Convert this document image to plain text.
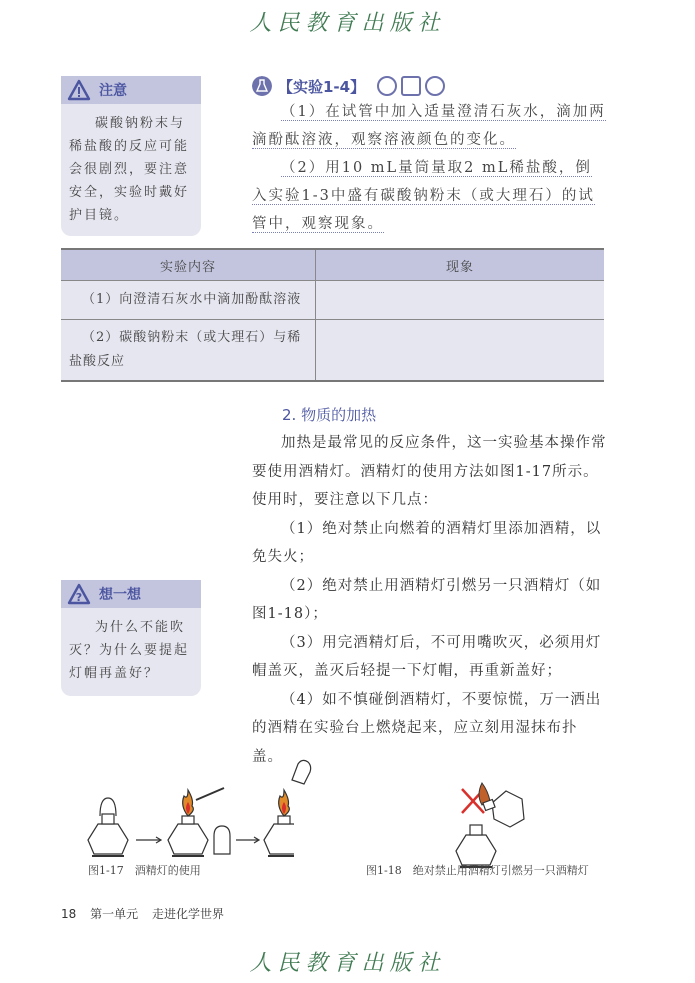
人民教育出版社
注意
碳酸钠粉末与稀盐酸的反应可能会很剧烈，要注意安全，实验时戴好护目镜。
【实验1-4】

（1）在试管中加入适量澄清石灰水，滴加两滴酚酞溶液，观察溶液颜色的变化。

（2）用10 mL量筒量取2 mL稀盐酸，倒入实验1-3中盛有碳酸钠粉末（或大理石）的试管中，观察现象。

实验内容	现象
（1）向澄清石灰水中滴加酚酞溶液	
（2）碳酸钠粉末（或大理石）与稀盐酸反应	
2. 物质的加热

加热是最常见的反应条件，这一实验基本操作常要使用酒精灯。酒精灯的使用方法如图1-17所示。使用时，要注意以下几点：

（1）绝对禁止向燃着的酒精灯里添加酒精，以免失火；

（2）绝对禁止用酒精灯引燃另一只酒精灯（如图1-18）；

（3）用完酒精灯后，不可用嘴吹灭，必须用灯帽盖灭，盖灭后轻提一下灯帽，再重新盖好；

（4）如不慎碰倒酒精灯，不要惊慌，万一洒出的酒精在实验台上燃烧起来，应立刻用湿抹布扑盖。

? 想一想
为什么不能吹灭？为什么要提起灯帽再盖好？
图1-17　酒精灯的使用	图1-18　绝对禁止用酒精灯引燃另一只酒精灯
18 第一单元 走进化学世界
人民教育出版社
